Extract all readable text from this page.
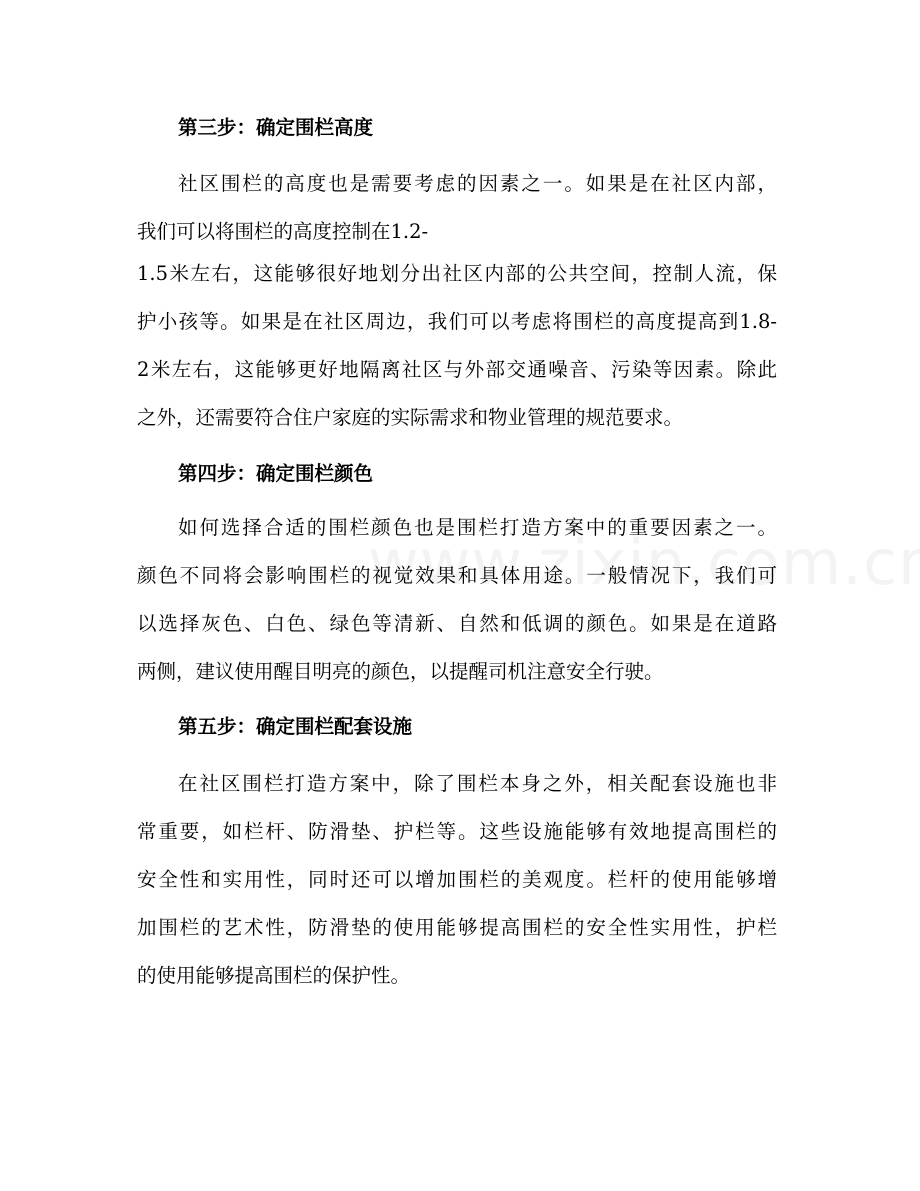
第三步：确定围栏高度
社区围栏的高度也是需要考虑的因素之一。如果是在社区内部，
我们可以将围栏的高度控制在1.2-
1.5米左右，这能够很好地划分出社区内部的公共空间，控制人流，保
护小孩等。如果是在社区周边，我们可以考虑将围栏的高度提高到1.8-
2米左右，这能够更好地隔离社区与外部交通噪音、污染等因素。除此
之外，还需要符合住户家庭的实际需求和物业管理的规范要求。
第四步：确定围栏颜色
如何选择合适的围栏颜色也是围栏打造方案中的重要因素之一。
颜色不同将会影响围栏的视觉效果和具体用途。一般情况下，我们可
以选择灰色、白色、绿色等清新、自然和低调的颜色。如果是在道路
两侧，建议使用醒目明亮的颜色，以提醒司机注意安全行驶。
第五步：确定围栏配套设施
在社区围栏打造方案中，除了围栏本身之外，相关配套设施也非
常重要，如栏杆、防滑垫、护栏等。这些设施能够有效地提高围栏的
安全性和实用性，同时还可以增加围栏的美观度。栏杆的使用能够增
加围栏的艺术性，防滑垫的使用能够提高围栏的安全性实用性，护栏
的使用能够提高围栏的保护性。
